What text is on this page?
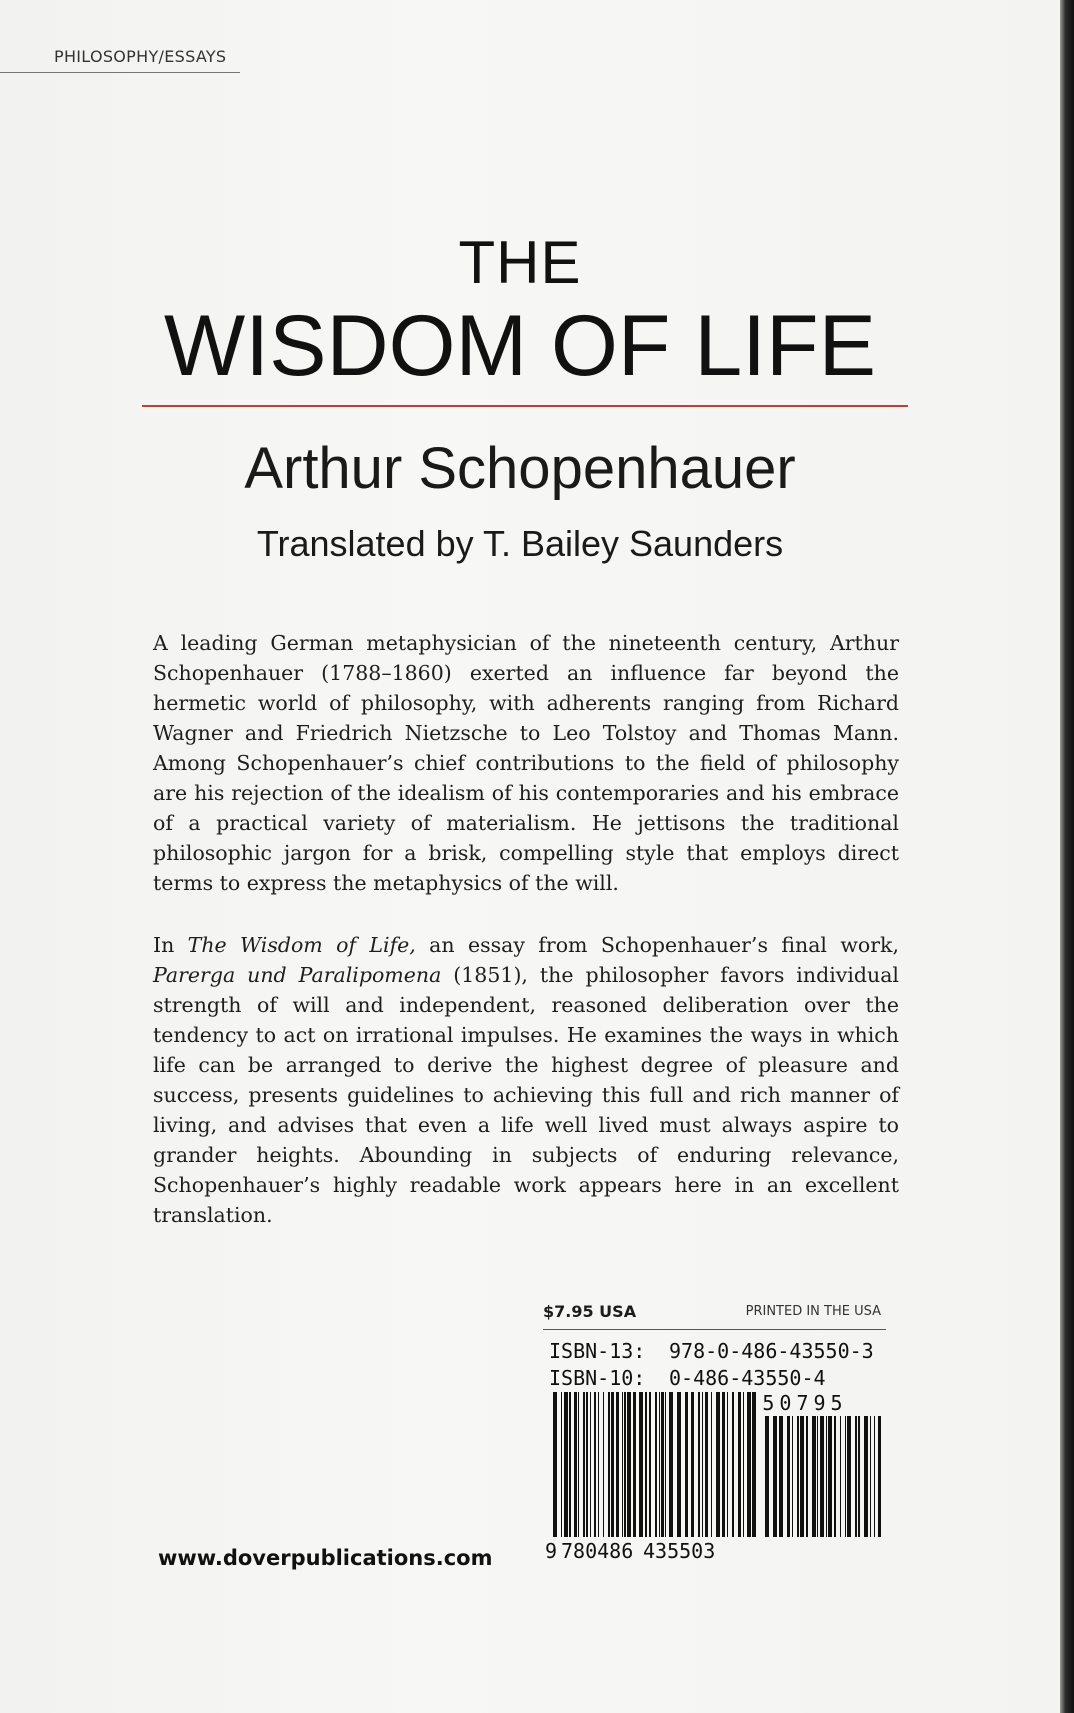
PHILOSOPHY/ESSAYS
THE
WISDOM OF LIFE
Arthur Schopenhauer
Translated by T. Bailey Saunders

A leading German metaphysician of the nineteenth century, Arthur Schopenhauer (1788–1860) exerted an influence far beyond the hermetic world of philosophy, with adherents ranging from Richard Wagner and Friedrich Nietzsche to Leo Tolstoy and Thomas Mann. Among Schopenhauer’s chief contributions to the field of philosophy are his rejection of the idealism of his contemporaries and his embrace of a practical variety of materialism. He jettisons the traditional philosophic jargon for a brisk, compelling style that employs direct terms to express the metaphysics of the will.

In The Wisdom of Life, an essay from Schopenhauer’s final work, Parerga und Paralipomena (1851), the philosopher favors individual strength of will and independent, reasoned deliberation over the tendency to act on irrational impulses. He examines the ways in which life can be arranged to derive the highest degree of pleasure and success, presents guidelines to achieving this full and rich manner of living, and advises that even a life well lived must always aspire to grander heights. Abounding in subjects of enduring relevance, Schopenhauer’s highly readable work appears here in an excellent translation.

$7.95 USA	PRINTED IN THE USA
ISBN-13: 978-0-486-43550-3
ISBN-10: 0-486-43550-4
50795
9 780486 435503
www.doverpublications.com
